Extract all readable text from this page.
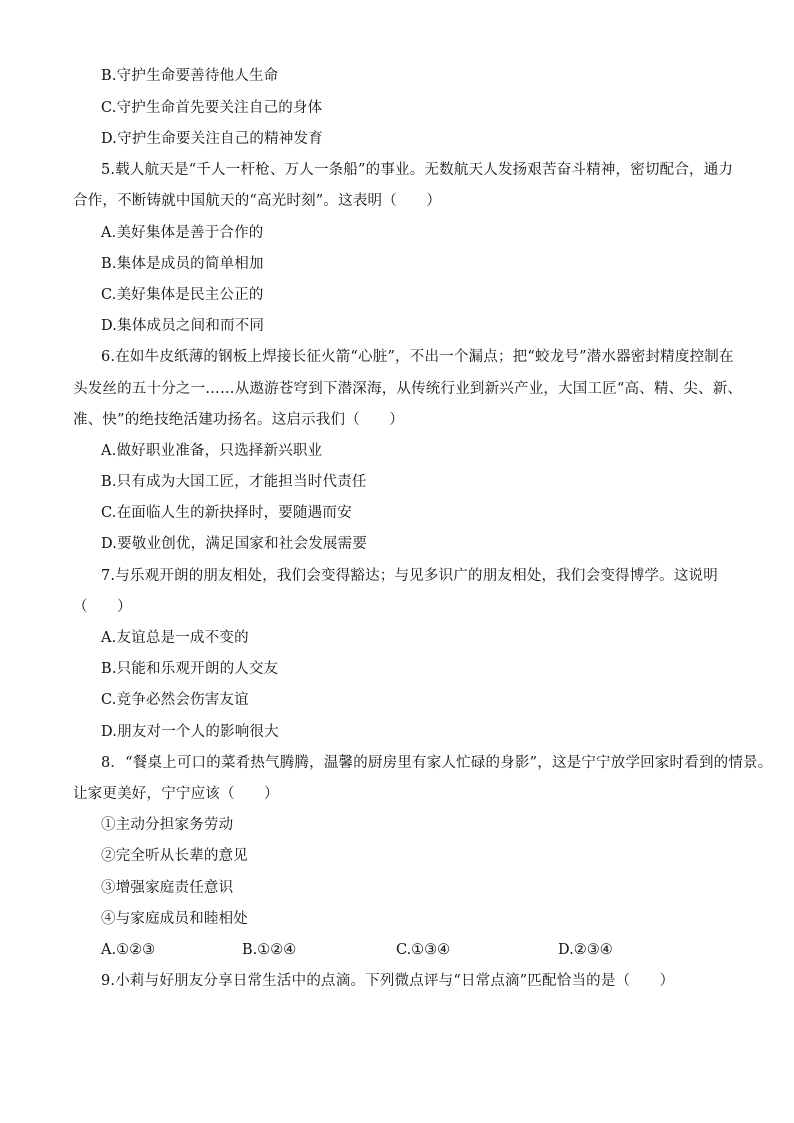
B.守护生命要善待他人生命
C.守护生命首先要关注自己的身体
D.守护生命要关注自己的精神发育
5.载人航天是“千人一杆枪、万人一条船”的事业。无数航天人发扬艰苦奋斗精神，密切配合，通力
合作，不断铸就中国航天的“高光时刻”。这表明（　　）
A.美好集体是善于合作的
B.集体是成员的简单相加
C.美好集体是民主公正的
D.集体成员之间和而不同
6.在如牛皮纸薄的钢板上焊接长征火箭“心脏”，不出一个漏点；把“蛟龙号”潜水器密封精度控制在
头发丝的五十分之一……从遨游苍穹到下潜深海，从传统行业到新兴产业，大国工匠“高、精、尖、新、
准、快”的绝技绝活建功扬名。这启示我们（　　）
A.做好职业准备，只选择新兴职业
B.只有成为大国工匠，才能担当时代责任
C.在面临人生的新抉择时，要随遇而安
D.要敬业创优，满足国家和社会发展需要
7.与乐观开朗的朋友相处，我们会变得豁达；与见多识广的朋友相处，我们会变得博学。这说明
（　　）
A.友谊总是一成不变的
B.只能和乐观开朗的人交友
C.竞争必然会伤害友谊
D.朋友对一个人的影响很大
8．“餐桌上可口的菜肴热气腾腾，温馨的厨房里有家人忙碌的身影”，这是宁宁放学回家时看到的情景。
让家更美好，宁宁应该（　　）
①主动分担家务劳动
②完全听从长辈的意见
③增强家庭责任意识
④与家庭成员和睦相处
A.①②③	B.①②④	C.①③④	D.②③④
9.小莉与好朋友分享日常生活中的点滴。下列微点评与“日常点滴”匹配恰当的是（　　）
